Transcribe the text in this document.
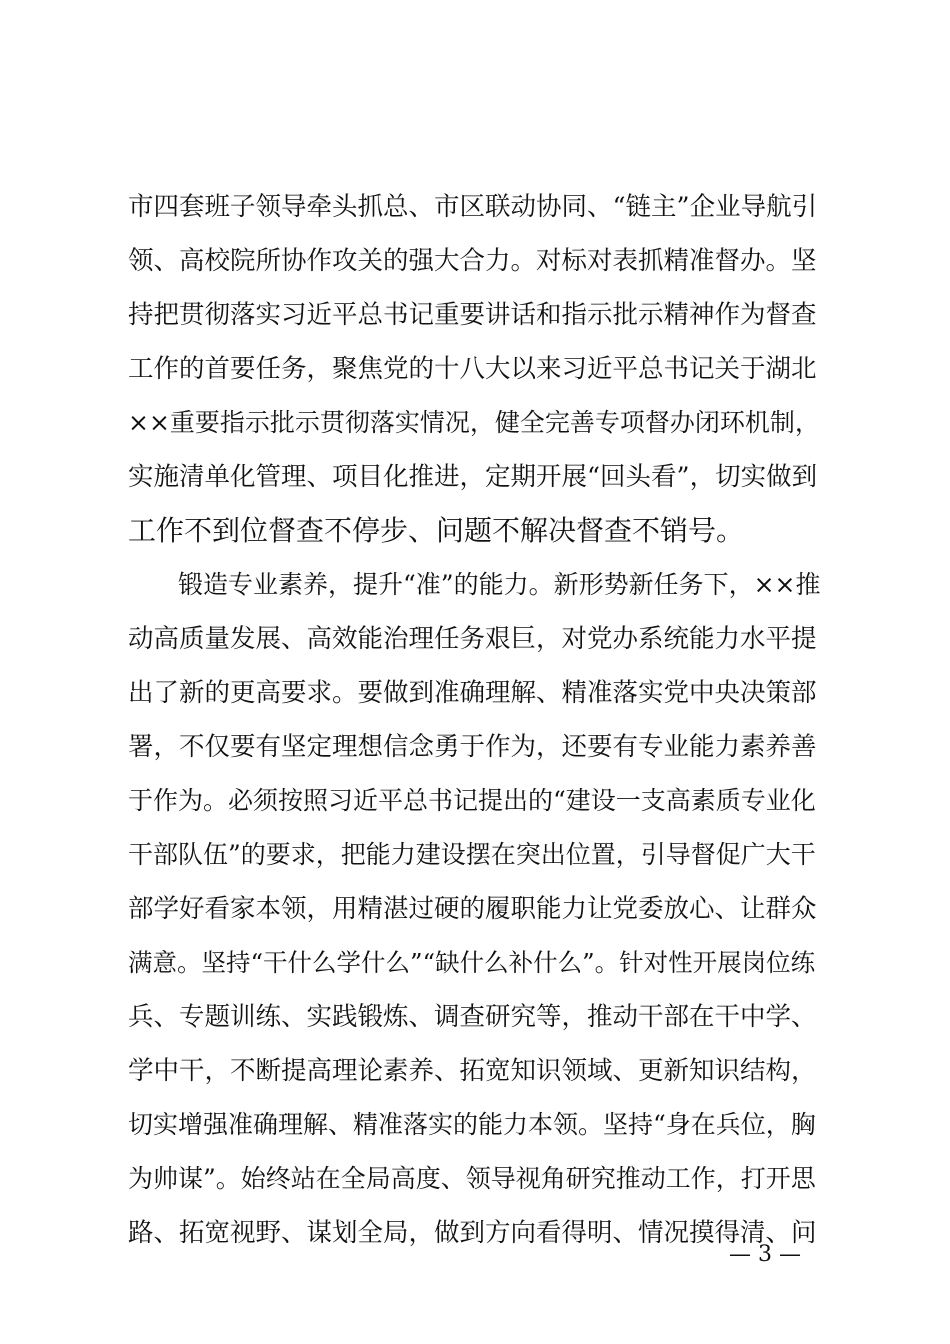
市四套班子领导牵头抓总、市区联动协同、“链主”企业导航引
领、高校院所协作攻关的强大合力。对标对表抓精准督办。坚
持把贯彻落实习近平总书记重要讲话和指示批示精神作为督查
工作的首要任务，聚焦党的十八大以来习近平总书记关于湖北
××重要指示批示贯彻落实情况，健全完善专项督办闭环机制，
实施清单化管理、项目化推进，定期开展“回头看”，切实做到
工作不到位督查不停步、问题不解决督查不销号。
　　锻造专业素养，提升“准”的能力。新形势新任务下，××推
动高质量发展、高效能治理任务艰巨，对党办系统能力水平提
出了新的更高要求。要做到准确理解、精准落实党中央决策部
署，不仅要有坚定理想信念勇于作为，还要有专业能力素养善
于作为。必须按照习近平总书记提出的“建设一支高素质专业化
干部队伍”的要求，把能力建设摆在突出位置，引导督促广大干
部学好看家本领，用精湛过硬的履职能力让党委放心、让群众
满意。坚持“干什么学什么”“缺什么补什么”。针对性开展岗位练
兵、专题训练、实践锻炼、调查研究等，推动干部在干中学、
学中干，不断提高理论素养、拓宽知识领域、更新知识结构，
切实增强准确理解、精准落实的能力本领。坚持“身在兵位，胸
为帅谋”。始终站在全局高度、领导视角研究推动工作，打开思
路、拓宽视野、谋划全局，做到方向看得明、情况摸得清、问
— 3 —
